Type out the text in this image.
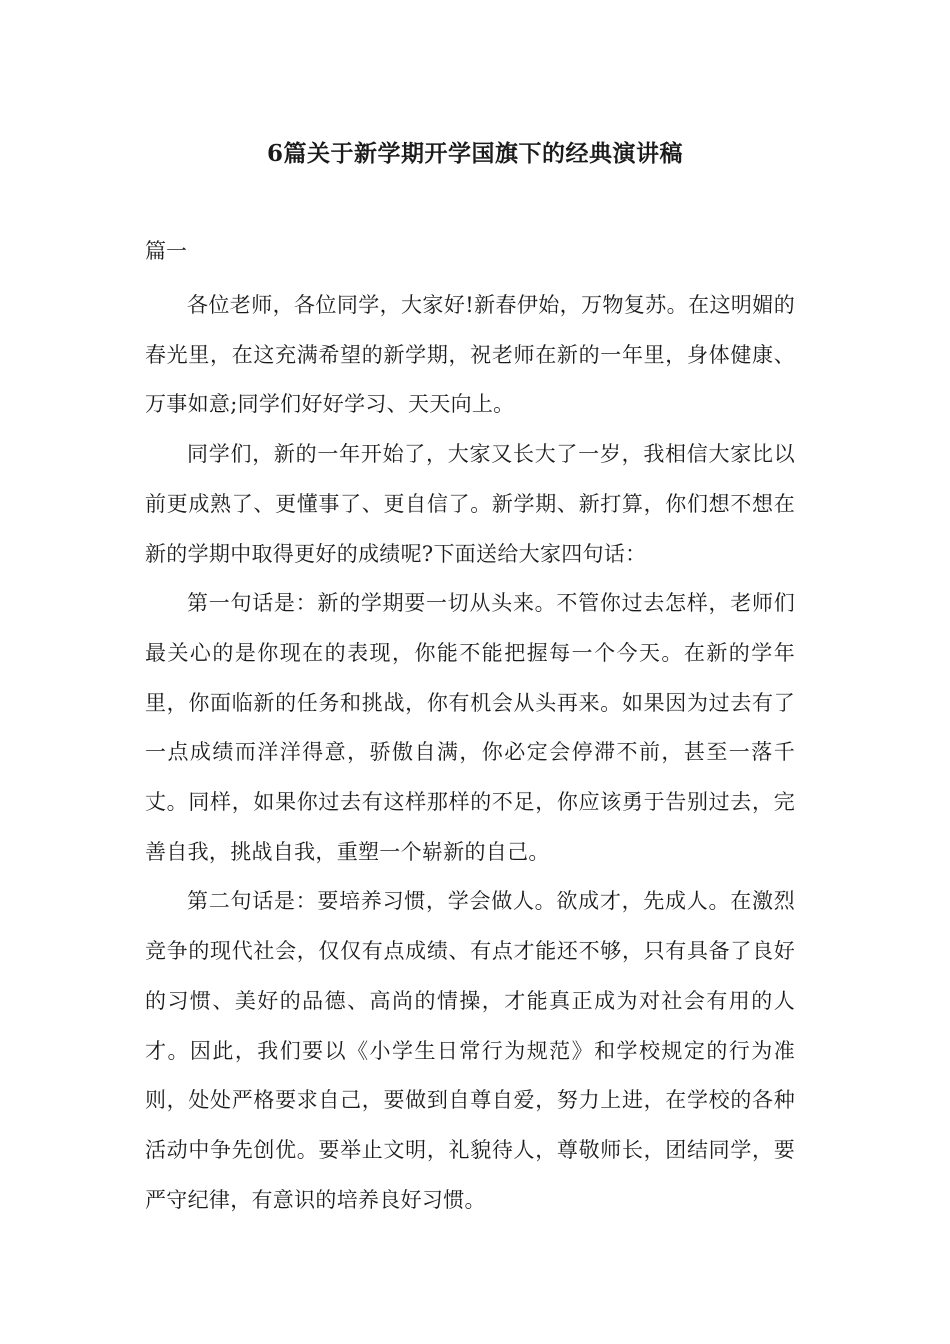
6篇关于新学期开学国旗下的经典演讲稿

篇一

各位老师，各位同学，大家好!新春伊始，万物复苏。在这明媚的春光里，在这充满希望的新学期，祝老师在新的一年里，身体健康、万事如意;同学们好好学习、天天向上。

同学们，新的一年开始了，大家又长大了一岁，我相信大家比以前更成熟了、更懂事了、更自信了。新学期、新打算，你们想不想在新的学期中取得更好的成绩呢?下面送给大家四句话：

第一句话是：新的学期要一切从头来。不管你过去怎样，老师们最关心的是你现在的表现，你能不能把握每一个今天。在新的学年里，你面临新的任务和挑战，你有机会从头再来。如果因为过去有了一点成绩而洋洋得意，骄傲自满，你必定会停滞不前，甚至一落千丈。同样，如果你过去有这样那样的不足，你应该勇于告别过去，完善自我，挑战自我，重塑一个崭新的自己。

第二句话是：要培养习惯，学会做人。欲成才，先成人。在激烈竞争的现代社会，仅仅有点成绩、有点才能还不够，只有具备了良好的习惯、美好的品德、高尚的情操，才能真正成为对社会有用的人才。因此，我们要以《小学生日常行为规范》和学校规定的行为准则，处处严格要求自己，要做到自尊自爱，努力上进，在学校的各种活动中争先创优。要举止文明，礼貌待人，尊敬师长，团结同学，要严守纪律，有意识的培养良好习惯。
